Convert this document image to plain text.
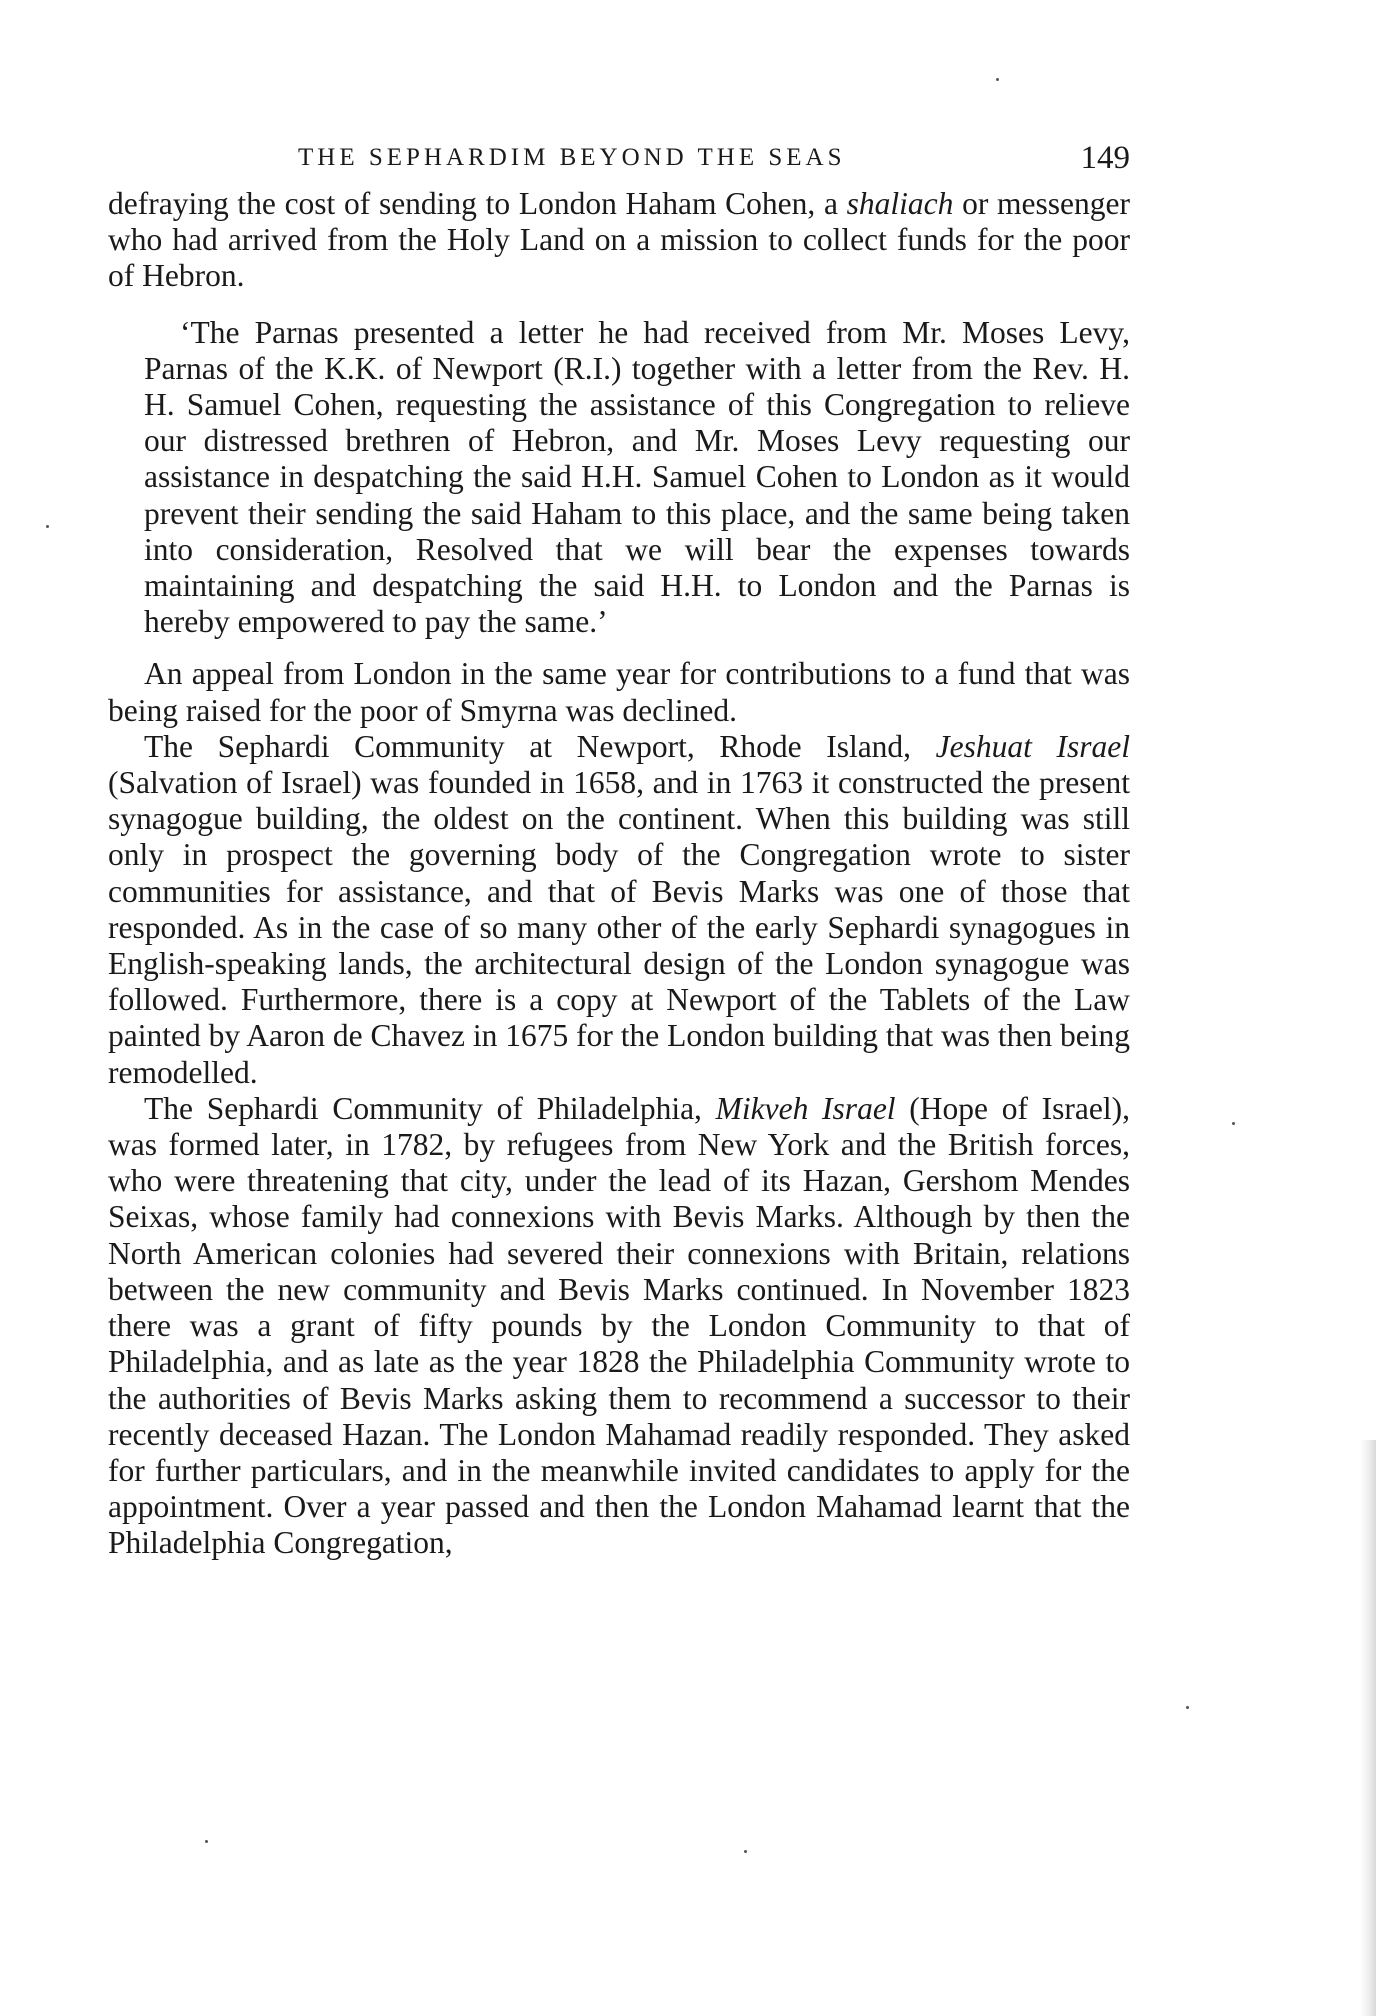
THE SEPHARDIM BEYOND THE SEAS	149

defraying the cost of sending to London Haham Cohen, a shaliach or messenger who had arrived from the Holy Land on a mission to collect funds for the poor of Hebron.

‘The Parnas presented a letter he had received from Mr. Moses Levy, Parnas of the K.K. of Newport (R.I.) together with a letter from the Rev. H. H. Samuel Cohen, requesting the assistance of this Congregation to relieve our distressed brethren of Hebron, and Mr. Moses Levy requesting our assistance in despatching the said H.H. Samuel Cohen to London as it would prevent their sending the said Haham to this place, and the same being taken into consideration, Resolved that we will bear the expenses towards maintaining and despatching the said H.H. to London and the Parnas is hereby empowered to pay the same.’

An appeal from London in the same year for contributions to a fund that was being raised for the poor of Smyrna was declined.

The Sephardi Community at Newport, Rhode Island, Jeshuat Israel (Salvation of Israel) was founded in 1658, and in 1763 it constructed the present synagogue building, the oldest on the continent. When this building was still only in prospect the governing body of the Congregation wrote to sister communities for assistance, and that of Bevis Marks was one of those that responded. As in the case of so many other of the early Sephardi synagogues in English-speaking lands, the architectural design of the London synagogue was followed. Furthermore, there is a copy at Newport of the Tablets of the Law painted by Aaron de Chavez in 1675 for the London building that was then being remodelled.

The Sephardi Community of Philadelphia, Mikveh Israel (Hope of Israel), was formed later, in 1782, by refugees from New York and the British forces, who were threatening that city, under the lead of its Hazan, Gershom Mendes Seixas, whose family had connexions with Bevis Marks. Although by then the North American colonies had severed their connexions with Britain, relations between the new community and Bevis Marks continued. In November 1823 there was a grant of fifty pounds by the London Community to that of Philadelphia, and as late as the year 1828 the Philadelphia Community wrote to the authorities of Bevis Marks asking them to recommend a successor to their recently deceased Hazan. The London Mahamad readily responded. They asked for further particulars, and in the meanwhile invited candidates to apply for the appointment. Over a year passed and then the London Mahamad learnt that the Philadelphia Congregation,
